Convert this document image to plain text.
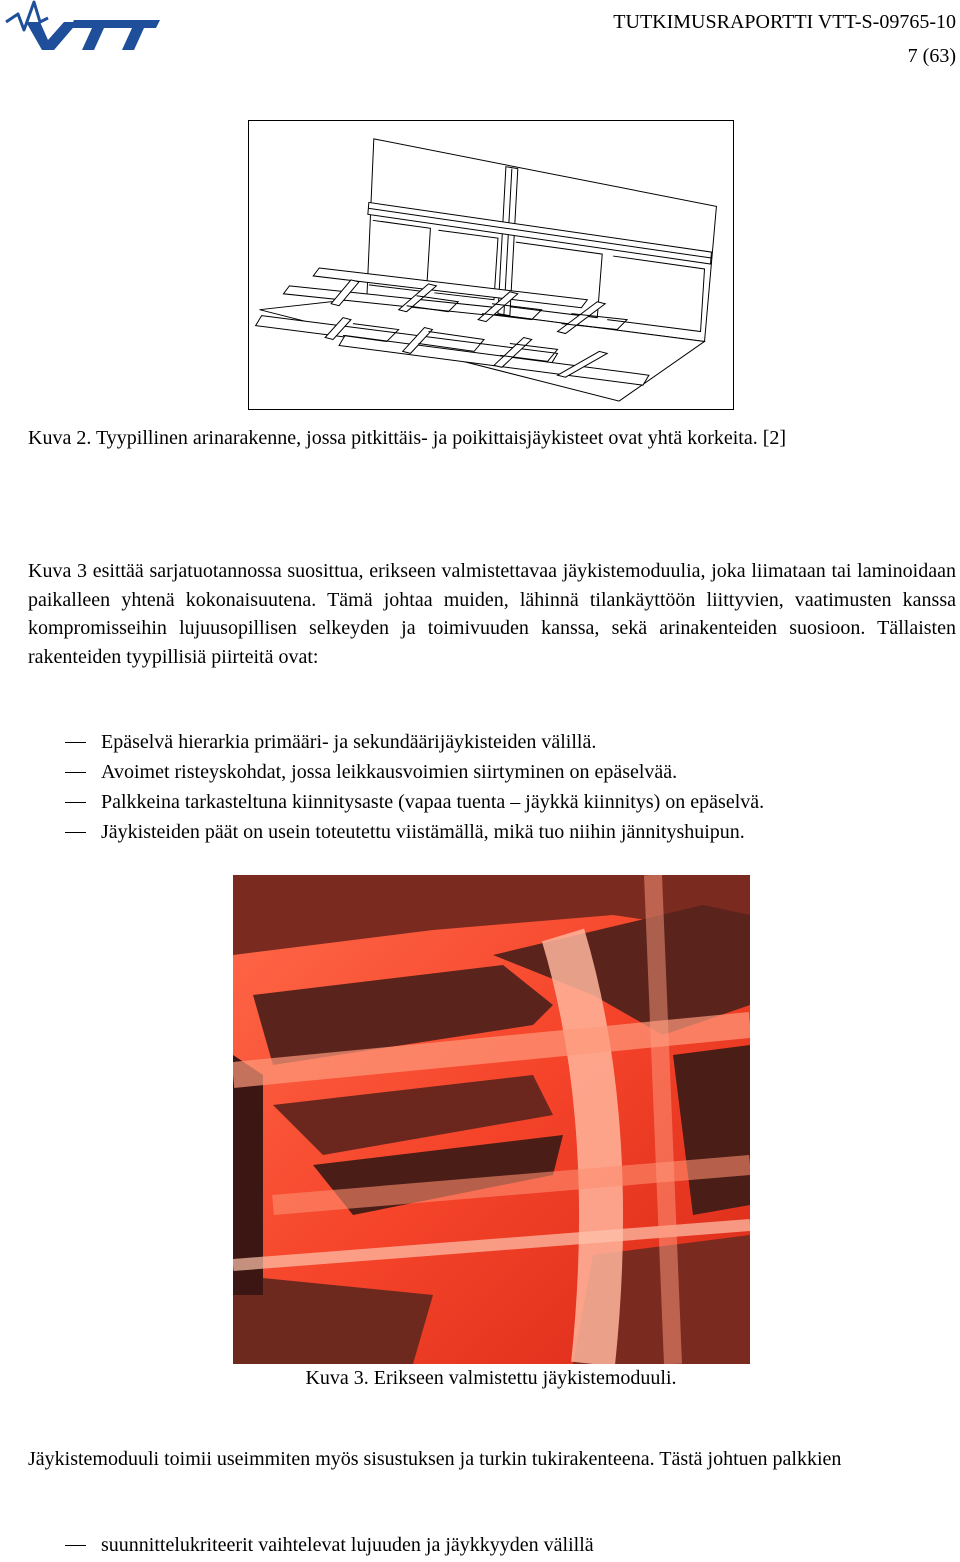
TUTKIMUSRAPORTTI VTT-S-09765-10
7 (63)
Kuva 2. Tyypillinen arinarakenne, jossa pitkittäis- ja poikittaisjäykisteet ovat yhtä korkeita. [2]
Kuva 3 esittää sarjatuotannossa suosittua, erikseen valmistettavaa jäykistemoduulia, joka liimataan tai laminoidaan paikalleen yhtenä kokonaisuutena. Tämä johtaa muiden, lähinnä tilankäyttöön liittyvien, vaatimusten kanssa kompromisseihin lujuusopillisen selkeyden ja toimivuuden kanssa, sekä arinakenteiden suosioon. Tällaisten rakenteiden tyypillisiä piirteitä ovat:
Epäselvä hierarkia primääri- ja sekundäärijäykisteiden välillä.
Avoimet risteyskohdat, jossa leikkausvoimien siirtyminen on epäselvää.
Palkkeina tarkasteltuna kiinnitysaste (vapaa tuenta – jäykkä kiinnitys) on epäselvä.
Jäykisteiden päät on usein toteutettu viistämällä, mikä tuo niihin jännityshuipun.
Kuva 3. Erikseen valmistettu jäykistemoduuli.
Jäykistemoduuli toimii useimmiten myös sisustuksen ja turkin tukirakenteena. Tästä johtuen palkkien
suunnittelukriteerit vaihtelevat lujuuden ja jäykkyyden välillä
